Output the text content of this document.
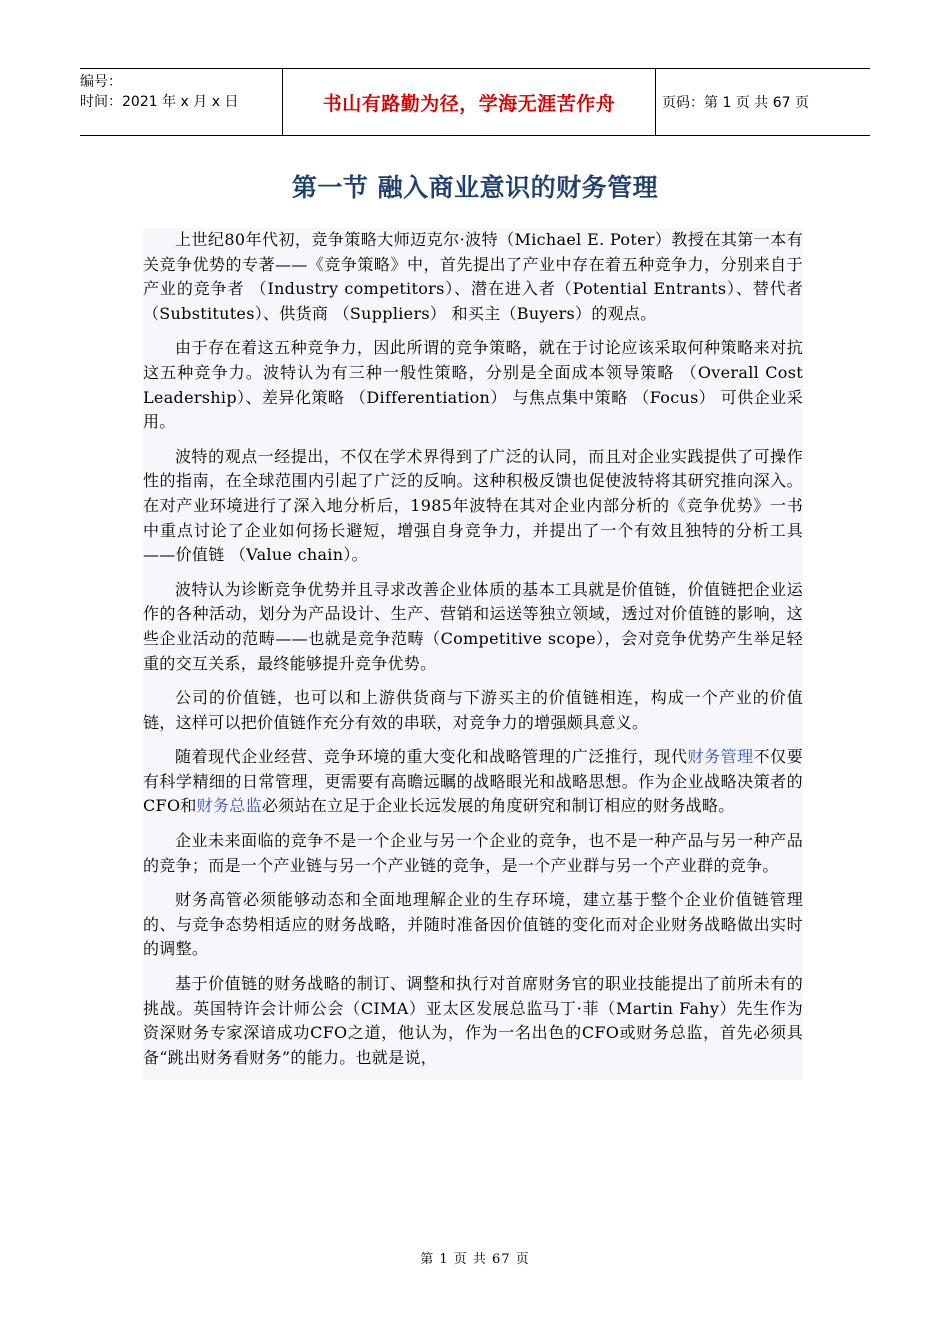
编号：
时间：2021 年 x 月 x 日	书山有路勤为径，学海无涯苦作舟	页码：第 1 页 共 67 页
第一节 融入商业意识的财务管理

上世纪80年代初，竞争策略大师迈克尔·波特（Michael E. Poter）教授在其第一本有关竞争优势的专著——《竞争策略》中，首先提出了产业中存在着五种竞争力，分别来自于产业的竞争者 （Industry competitors）、潜在进入者（Potential Entrants）、替代者 （Substitutes）、供货商 （Suppliers） 和买主（Buyers）的观点。

由于存在着这五种竞争力，因此所谓的竞争策略，就在于讨论应该采取何种策略来对抗这五种竞争力。波特认为有三种一般性策略，分别是全面成本领导策略 （Overall Cost Leadership）、差异化策略 （Differentiation） 与焦点集中策略 （Focus） 可供企业采用。

波特的观点一经提出，不仅在学术界得到了广泛的认同，而且对企业实践提供了可操作性的指南，在全球范围内引起了广泛的反响。这种积极反馈也促使波特将其研究推向深入。在对产业环境进行了深入地分析后，1985年波特在其对企业内部分析的《竞争优势》一书中重点讨论了企业如何扬长避短，增强自身竞争力，并提出了一个有效且独特的分析工具——价值链 （Value chain）。

波特认为诊断竞争优势并且寻求改善企业体质的基本工具就是价值链，价值链把企业运作的各种活动，划分为产品设计、生产、营销和运送等独立领域，透过对价值链的影响，这些企业活动的范畴——也就是竞争范畴（Competitive scope），会对竞争优势产生举足轻重的交互关系，最终能够提升竞争优势。

公司的价值链，也可以和上游供货商与下游买主的价值链相连，构成一个产业的价值链，这样可以把价值链作充分有效的串联，对竞争力的增强颇具意义。

随着现代企业经营、竞争环境的重大变化和战略管理的广泛推行，现代财务管理不仅要有科学精细的日常管理，更需要有高瞻远瞩的战略眼光和战略思想。作为企业战略决策者的CFO和财务总监必须站在立足于企业长远发展的角度研究和制订相应的财务战略。

企业未来面临的竞争不是一个企业与另一个企业的竞争，也不是一种产品与另一种产品的竞争；而是一个产业链与另一个产业链的竞争，是一个产业群与另一个产业群的竞争。

财务高管必须能够动态和全面地理解企业的生存环境，建立基于整个企业价值链管理的、与竞争态势相适应的财务战略，并随时准备因价值链的变化而对企业财务战略做出实时的调整。

基于价值链的财务战略的制订、调整和执行对首席财务官的职业技能提出了前所未有的挑战。英国特许会计师公会（CIMA）亚太区发展总监马丁·菲（Martin Fahy）先生作为资深财务专家深谙成功CFO之道，他认为，作为一名出色的CFO或财务总监，首先必须具备“跳出财务看财务”的能力。也就是说，

第 1 页 共 67 页
